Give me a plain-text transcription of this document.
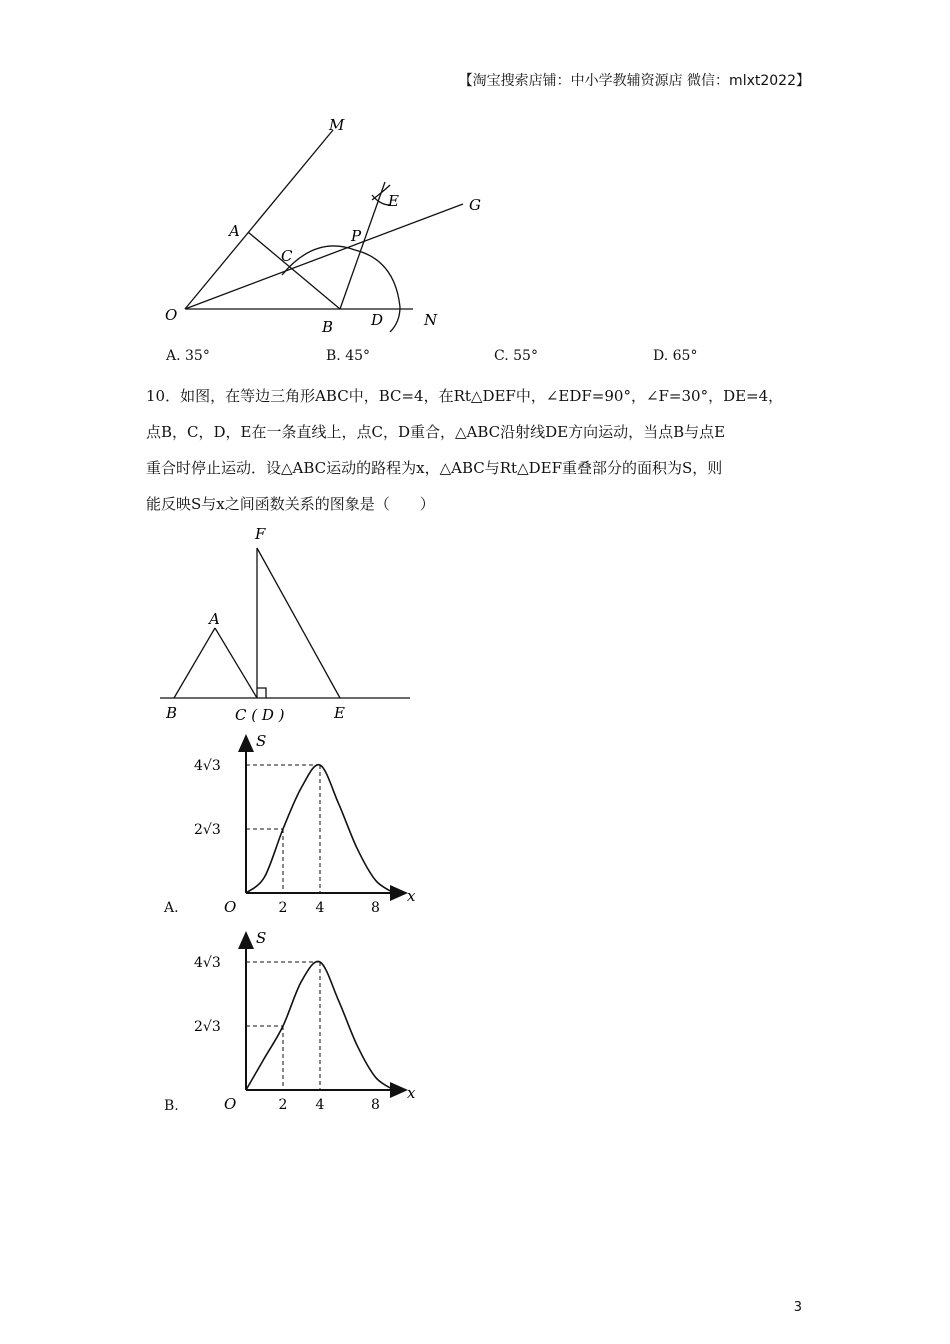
【淘宝搜索店铺：中小学教辅资源店 微信：mlxt2022】
M
E	G
A	P
C
O
B	D	N
A. 35°	B. 45°	C. 55°	D. 65°
10．如图，在等边三角形ABC中，BC=4，在Rt△DEF中，∠EDF=90°，∠F=30°，DE=4，
点B，C，D，E在一条直线上，点C，D重合，△ABC沿射线DE方向运动，当点B与点E
重合时停止运动．设△ABC运动的路程为x，△ABC与Rt△DEF重叠部分的面积为S，则
能反映S与x之间函数关系的图象是（　　）
F
A
B	C ( D )	E
S
x
O
4√3
2√3
2 4	8
A.
S
x
O
4√3
2√3
2 4	8
B.
3
